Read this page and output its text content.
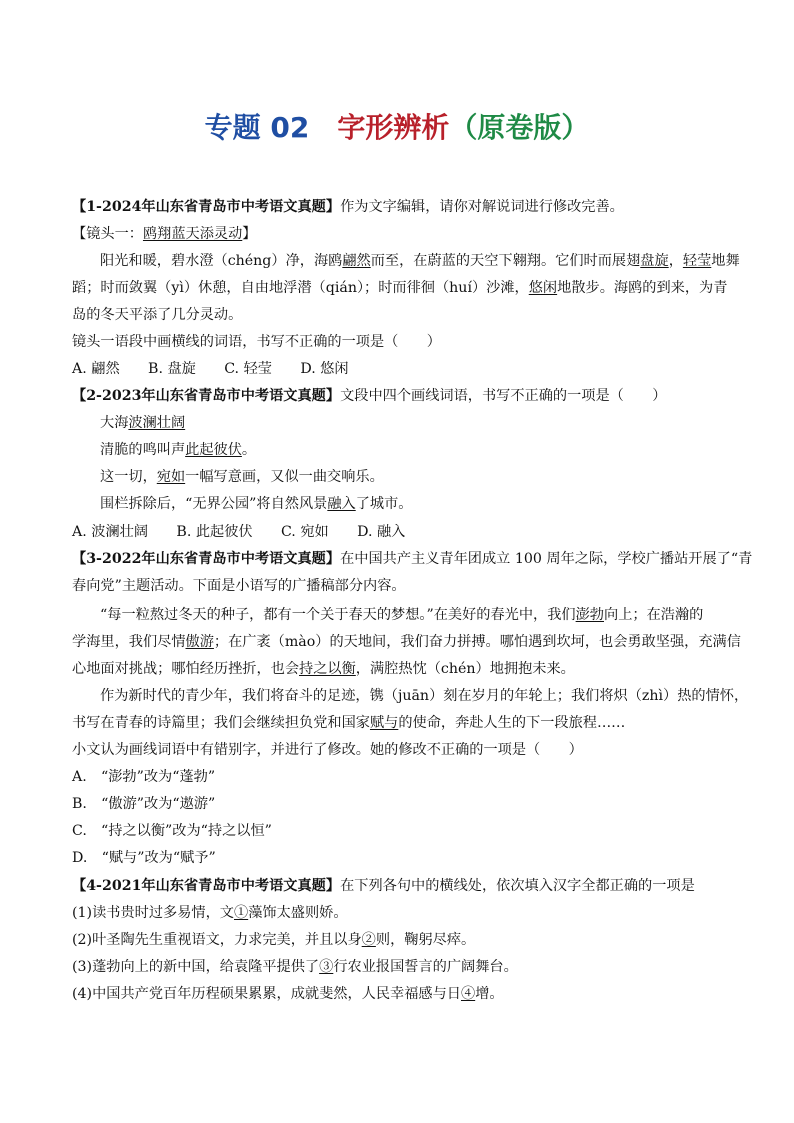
专题 02 字形辨析（原卷版）
【1-2024年山东省青岛市中考语文真题】作为文字编辑，请你对解说词进行修改完善。
【镜头一：鸥翔蓝天添灵动】
阳光和暖，碧水澄（chéng）净，海鸥翩然而至，在蔚蓝的天空下翱翔。它们时而展翅盘旋，轻莹地舞
蹈；时而敛翼（yì）休憩，自由地浮潜（qián）；时而徘徊（huí）沙滩，悠闲地散步。海鸥的到来，为青
岛的冬天平添了几分灵动。
镜头一语段中画横线的词语，书写不正确的一项是（　　）
A. 翩然　　B. 盘旋　　C. 轻莹　　D. 悠闲
【2-2023年山东省青岛市中考语文真题】文段中四个画线词语，书写不正确的一项是（　　）
大海波澜壮阔
清脆的鸣叫声此起彼伏。
这一切，宛如一幅写意画，又似一曲交响乐。
围栏拆除后，“无界公园”将自然风景融入了城市。
A. 波澜壮阔　　B. 此起彼伏　　C. 宛如　　D. 融入
【3-2022年山东省青岛市中考语文真题】在中国共产主义青年团成立 100 周年之际，学校广播站开展了“青
春向党”主题活动。下面是小语写的广播稿部分内容。
“每一粒熬过冬天的种子，都有一个关于春天的梦想。”在美好的春光中，我们澎勃向上；在浩瀚的
学海里，我们尽情傲游；在广袤（mào）的天地间，我们奋力拼搏。哪怕遇到坎坷，也会勇敢坚强，充满信
心地面对挑战；哪怕经历挫折，也会持之以衡，满腔热忱（chén）地拥抱未来。
作为新时代的青少年，我们将奋斗的足迹，镌（juān）刻在岁月的年轮上；我们将炽（zhì）热的情怀，
书写在青春的诗篇里；我们会继续担负党和国家赋与的使命，奔赴人生的下一段旅程……
小文认为画线词语中有错别字，并进行了修改。她的修改不正确的一项是（　　）
A.　“澎勃”改为“蓬勃”
B.　“傲游”改为“遨游”
C.　“持之以衡”改为“持之以恒”
D.　“赋与”改为“赋予”
【4-2021年山东省青岛市中考语文真题】在下列各句中的横线处，依次填入汉字全都正确的一项是
(1)读书贵时过多易情，文①藻饰太盛则娇。
(2)叶圣陶先生重视语文，力求完美，并且以身②则，鞠躬尽瘁。
(3)蓬勃向上的新中国，给袁隆平提供了③行农业报国誓言的广阔舞台。
(4)中国共产党百年历程硕果累累，成就斐然，人民幸福感与日④增。
